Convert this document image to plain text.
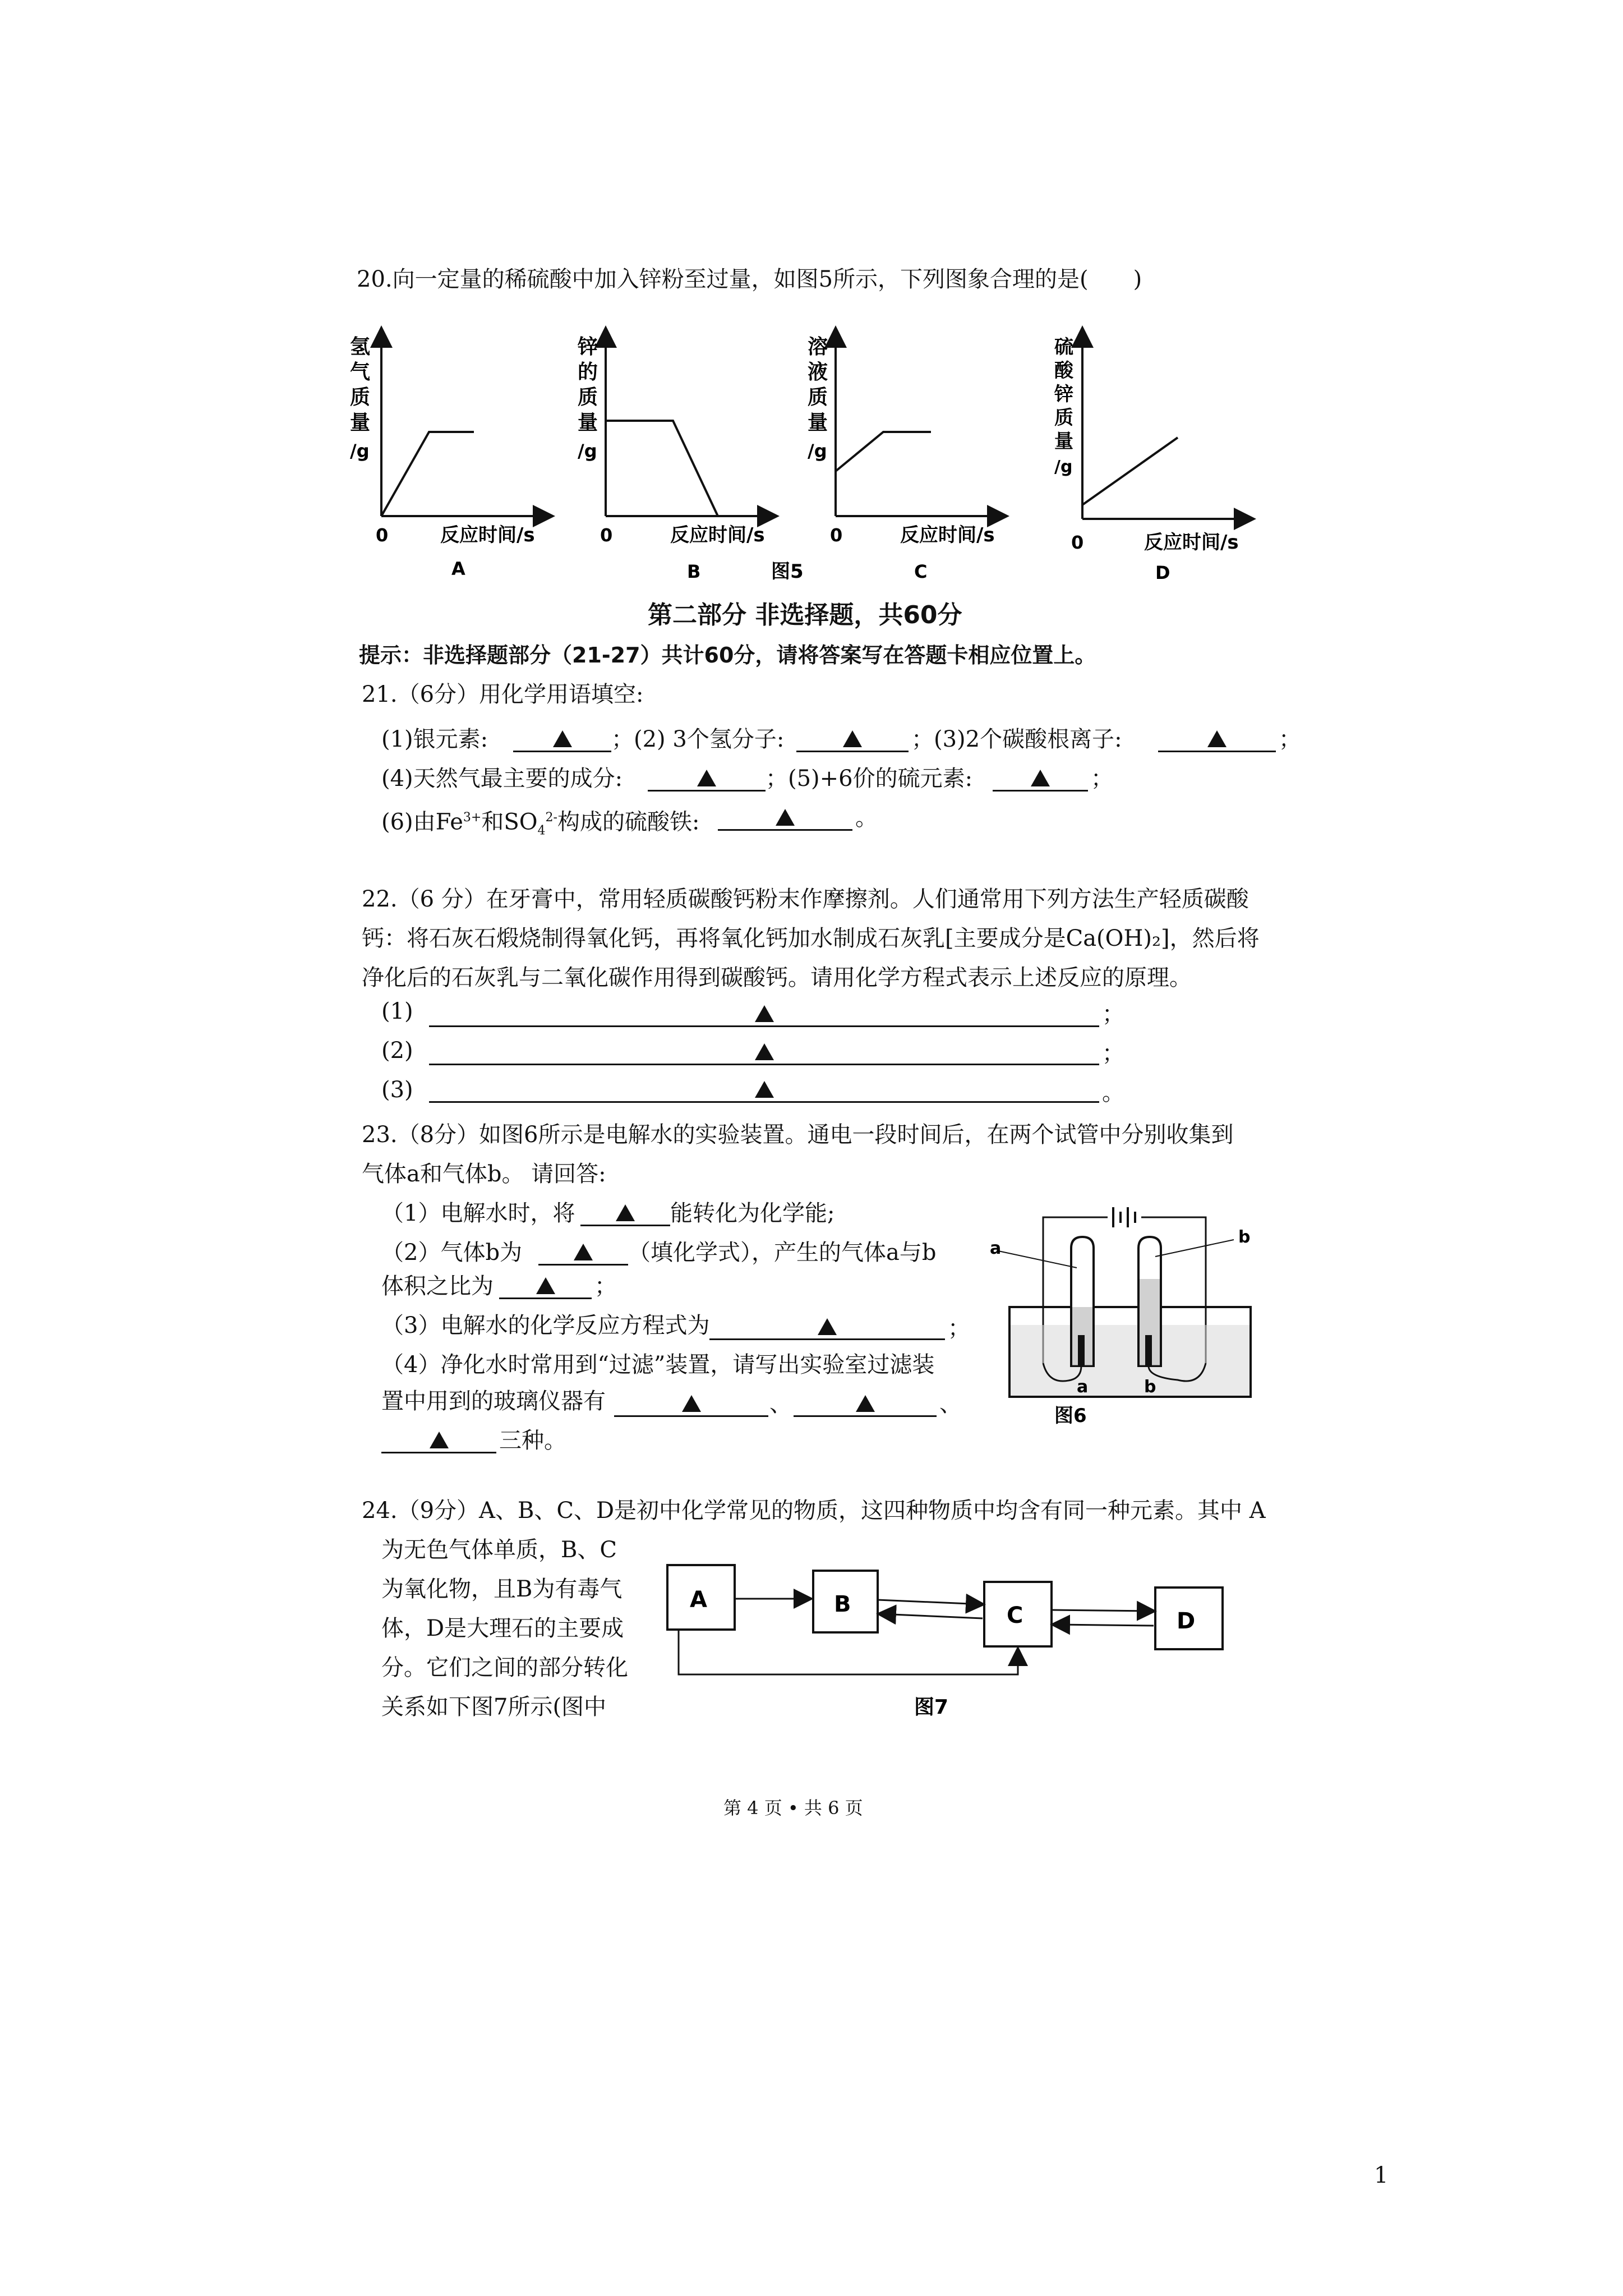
20.向一定量的稀硫酸中加入锌粉至过量，如图5所示，下列图象合理的是(　　)
氢
气
质
量
/g
0	反应时间/s
A
锌
的
质
量
/g
0	反应时间/s
B	图5
溶
液
质
量
/g
0	反应时间/s
C
硫
酸
锌
质
量
/g
0	反应时间/s
D
第二部分 非选择题，共60分
提示：非选择题部分（21-27）共计60分，请将答案写在答题卡相应位置上。
21.（6分）用化学用语填空:
(1)银元素:	；(2) 3个氢分子:	；(3)2个碳酸根离子:	；
(4)天然气最主要的成分:	；(5)+6价的硫元素:	；
(6)由$Fe^{3+}$和$SO_4^{2-}$构成的硫酸铁:	。
22.（6 分）在牙膏中，常用轻质碳酸钙粉末作摩擦剂。人们通常用下列方法生产轻质碳酸
钙：将石灰石煅烧制得氧化钙，再将氧化钙加水制成石灰乳[主要成分是Ca(OH)₂]，然后将
净化后的石灰乳与二氧化碳作用得到碳酸钙。请用化学方程式表示上述反应的原理。
(1)	；
(2)	；
(3)	。
23.（8分）如图6所示是电解水的实验装置。通电一段时间后，在两个试管中分别收集到
气体a和气体b。 请回答:
（1）电解水时，将	能转化为化学能;
（2）气体b为	（填化学式），产生的气体a与b
体积之比为	；
（3）电解水的化学反应方程式为	；
（4）净化水时常用到“过滤”装置，请写出实验室过滤装
置中用到的玻璃仪器有	、	、
三种。
a
b
a	b
图6
24.（9分）A、B、C、D是初中化学常见的物质，这四种物质中均含有同一种元素。其中 A
为无色气体单质，B、C
为氧化物，且B为有毒气
体，D是大理石的主要成
分。它们之间的部分转化
关系如下图7所示(图中
A	B	C	D
图7
第 4 页 • 共 6 页
1
